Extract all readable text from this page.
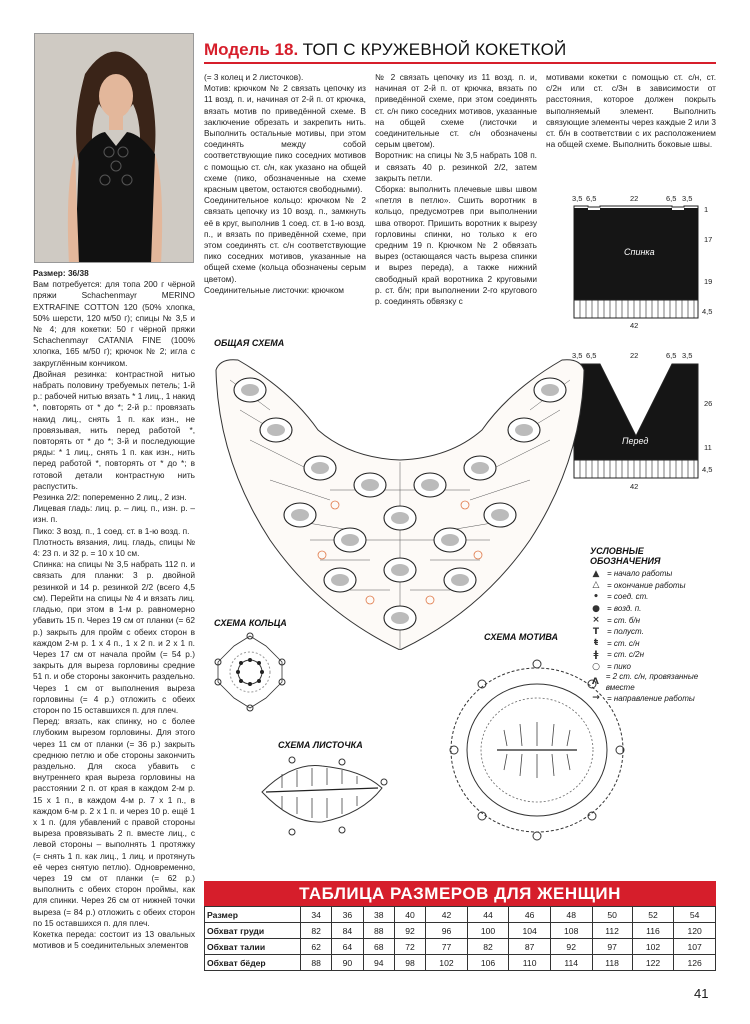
Модель 18. ТОП С КРУЖЕВНОЙ КОКЕТКОЙ

Размер: 36/38

Вам потребуется: для топа 200 г чёрной пряжи Schachenmayr MERINO EXTRAFINE COTTON 120 (50% хлопка, 50% шерсти, 120 м/50 г); спицы № 3,5 и № 4; для кокетки: 50 г чёрной пряжи Schachenmayr CATANIA FINE (100% хлопка, 165 м/50 г); крючок № 2; игла с закруглённым кончиком.

Двойная резинка: контрастной нитью набрать половину требуемых петель; 1-й р.: рабочей нитью вязать * 1 лиц., 1 накид *, повторять от * до *; 2-й р.: провязать накид лиц., снять 1 п. как изн., не провязывая, нить перед работой *, повторять от * до *; 3-й и последующие ряды: * 1 лиц., снять 1 п. как изн., нить перед работой *, повторять от * до *; в готовой детали контрастную нить распустить.

Резинка 2/2: попеременно 2 лиц., 2 изн.

Лицевая гладь: лиц. р. – лиц. п., изн. р. – изн. п.

Пико: 3 возд. п., 1 соед. ст. в 1-ю возд. п.

Плотность вязания, лиц. гладь, спицы № 4: 23 п. и 32 р. = 10 х 10 см.

Спинка: на спицы № 3,5 набрать 112 п. и связать для планки: 3 р. двойной резинкой и 14 р. резинкой 2/2 (всего 4,5 см). Перейти на спицы № 4 и вязать лиц. гладью, при этом в 1-м р. равномерно убавить 15 п. Через 19 см от планки (= 62 р.) закрыть для пройм с обеих сторон в каждом 2-м р. 1 х 4 п., 1 х 2 п. и 2 х 1 п. Через 17 см от начала пройм (= 54 р.) закрыть для выреза горловины средние 51 п. и обе стороны закончить раздельно. Через 1 см от выполнения выреза горловины (= 4 р.) отложить с обеих сторон по 15 оставшихся п. для плеч.

Перед: вязать, как спинку, но с более глубоким вырезом горловины. Для этого через 11 см от планки (= 36 р.) закрыть среднюю петлю и обе стороны закончить раздельно. Для скоса убавить с внутреннего края выреза горловины на расстоянии 2 п. от края в каждом 2-м р. 15 х 1 п., в каждом 4-м р. 7 х 1 п., в каждом 6-м р. 2 х 1 п. и через 10 р. ещё 1 х 1 п. (для убавлений с правой стороны выреза провязывать 2 п. вместе лиц., с левой стороны – выполнять 1 протяжку (= снять 1 п. как лиц., 1 лиц. и протянуть её через снятую петлю). Одновременно, через 19 см от планки (= 62 р.) выполнить с обеих сторон проймы, как для спинки. Через 26 см от нижней точки выреза (= 84 р.) отложить с обеих сторон по 15 оставшихся п. для плеч.

Кокетка переда: состоит из 13 овальных мотивов и 5 соединительных элементов

(= 3 колец и 2 листочков).

Мотив: крючком № 2 связать цепочку из 11 возд. п. и, начиная от 2-й п. от крючка, вязать мотив по приведённой схеме. В заключение обрезать и закрепить нить. Выполнить остальные мотивы, при этом соединять между собой соответствующие пико соседних мотивов с помощью ст. с/н, как указано на общей схеме (пико, обозначенные на схеме красным цветом, остаются свободными).

Соединительное кольцо: крючком № 2 связать цепочку из 10 возд. п., замкнуть её в круг, выполнив 1 соед. ст. в 1-ю возд. п., и вязать по приведённой схеме, при этом соединять ст. с/н соответствующие пико соседних мотивов, указанные на общей схеме (кольца обозначены серым цветом).

Соединительные листочки: крючком

№ 2 связать цепочку из 11 возд. п. и, начиная от 2-й п. от крючка, вязать по приведённой схеме, при этом соединять ст. с/н пико соседних мотивов, указанные на общей схеме (листочки и соединительные ст. с/н обозначены серым цветом).

Воротник: на спицы № 3,5 набрать 108 п. и связать 40 р. резинкой 2/2, затем закрыть петли.

Сборка: выполнить плечевые швы швом «петля в петлю». Сшить воротник в кольцо, предусмотрев при выполнении шва отворот. Пришить воротник к вырезу горловины спинки, но только к его средним 19 п. Крючком № 2 обвязать вырез (остающаяся часть выреза спинки и вырез переда), а также нижний свободный край воротника 2 круговыми р. ст. б/н; при выполнении 2-го кругового р. соединять обвязку с

мотивами кокетки с помощью ст. с/н, ст. с/2н или ст. с/3н в зависимости от расстояния, которое должен покрыть выполняемый элемент. Выполнить связующие элементы через каждые 2 или 3 ст. б/н в соответствии с их расположением на общей схеме. Выполнить боковые швы.

3,5 6,5	22	6,5 3,5
1
17
19
4,5
42
Спинка
3,5 6,5	22	6,5 3,5
26
11
4,5
42
Перед
ОБЩАЯ СХЕМА
УСЛОВНЫЕ ОБОЗНАЧЕНИЯ
▲ = начало работы
△ = окончание работы
•	= соед. ст.
● = возд. п.
× = ст. б/н
T = полуст.
ŧ	= ст. с/н
ǂ	= ст. с/2н
○ = пико
Λ
= 2 ст. с/н, провязанные вместе
→ = направление работы
СХЕМА КОЛЬЦА
СХЕМА ЛИСТОЧКА
СХЕМА МОТИВА
ТАБЛИЦА РАЗМЕРОВ ДЛЯ ЖЕНЩИН
Размер	34	36	38	40	42	44	46	48	50	52	54
Обхват груди	82	84	88	92	96	100	104	108	112	116	120
Обхват талии	62	64	68	72	77	82	87	92	97	102	107
Обхват бёдер	88	90	94	98	102	106	110	114	118	122	126
41
